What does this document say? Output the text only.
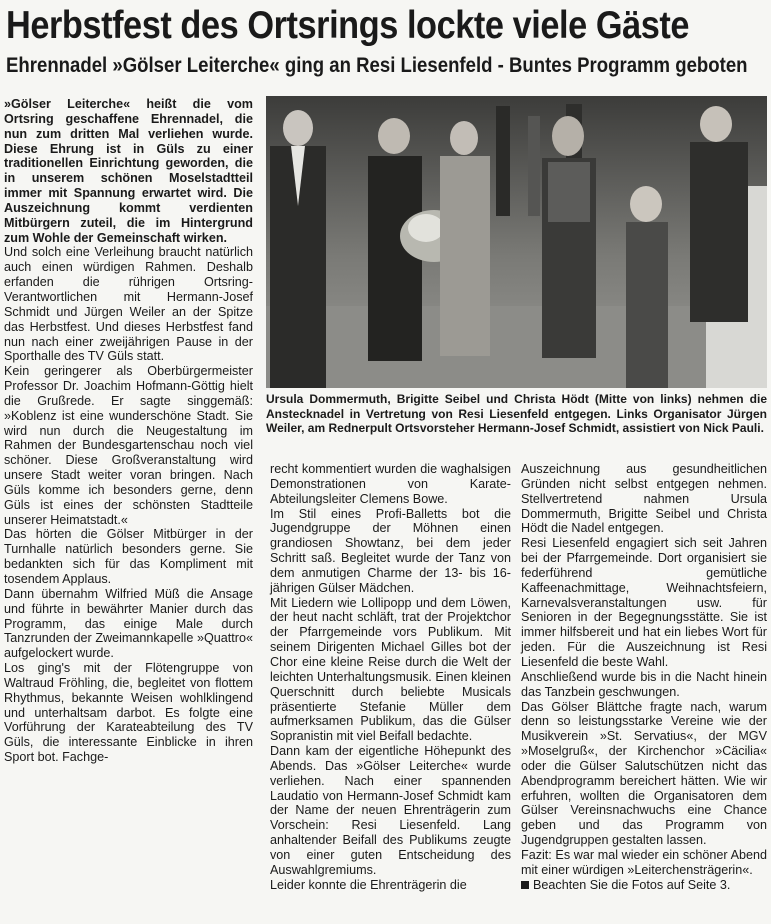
Herbstfest des Ortsrings lockte viele Gäste
Ehrennadel »Gölser Leiterche« ging an Resi Liesenfeld - Buntes Programm geboten

»Gölser Leiterche« heißt die vom Ortsring geschaffene Ehrennadel, die nun zum dritten Mal verliehen wurde. Diese Ehrung ist in Güls zu einer traditionellen Einrichtung geworden, die in unserem schönen Moselstadtteil immer mit Spannung erwartet wird. Die Auszeichnung kommt verdienten Mitbürgern zuteil, die im Hintergrund zum Wohle der Gemeinschaft wirken.

Und solch eine Verleihung braucht natürlich auch einen würdigen Rahmen. Deshalb erfanden die rührigen Ortsring-Verantwortlichen mit Hermann-Josef Schmidt und Jürgen Weiler an der Spitze das Herbstfest. Und dieses Herbstfest fand nun nach einer zweijährigen Pause in der Sporthalle des TV Güls statt.

Kein geringerer als Oberbürgermeister Professor Dr. Joachim Hofmann-Göttig hielt die Grußrede. Er sagte singgemäß: »Koblenz ist eine wunderschöne Stadt. Sie wird nun durch die Neugestaltung im Rahmen der Bundesgartenschau noch viel schöner. Diese Großveranstaltung wird unsere Stadt weiter voran bringen. Nach Güls komme ich besonders gerne, denn Güls ist eines der schönsten Stadtteile unserer Heimatstadt.«

Das hörten die Gölser Mitbürger in der Turnhalle natürlich besonders gerne. Sie bedankten sich für das Kompliment mit tosendem Applaus.

Dann übernahm Wilfried Müß die Ansage und führte in bewährter Manier durch das Programm, das einige Male durch Tanzrunden der Zweimannkapelle »Quattro« aufgelockert wurde.

Los ging's mit der Flötengruppe von Waltraud Fröhling, die, begleitet von flottem Rhythmus, bekannte Weisen wohlklingend und unterhaltsam darbot. Es folgte eine Vorführung der Karateabteilung des TV Güls, die interessante Einblicke in ihren Sport bot. Fachge-

Ursula Dommermuth, Brigitte Seibel und Christa Hödt (Mitte von links) nehmen die Anstecknadel in Vertretung von Resi Liesenfeld entgegen. Links Organisator Jürgen Weiler, am Rednerpult Ortsvorsteher Hermann-Josef Schmidt, assistiert von Nick Pauli.

recht kommentiert wurden die waghalsigen Demonstrationen von Karate-Abteilungsleiter Clemens Bowe.

Im Stil eines Profi-Balletts bot die Jugendgruppe der Möhnen einen grandiosen Showtanz, bei dem jeder Schritt saß. Begleitet wurde der Tanz von dem anmutigen Charme der 13- bis 16-jährigen Gülser Mädchen.

Mit Liedern wie Lollipopp und dem Löwen, der heut nacht schläft, trat der Projektchor der Pfarrgemeinde vors Publikum. Mit seinem Dirigenten Michael Gilles bot der Chor eine kleine Reise durch die Welt der leichten Unterhaltungsmusik. Einen kleinen Querschnitt durch beliebte Musicals präsentierte Stefanie Müller dem aufmerksamen Publikum, das die Gülser Sopranistin mit viel Beifall bedachte.

Dann kam der eigentliche Höhepunkt des Abends. Das »Gölser Leiterche« wurde verliehen. Nach einer spannenden Laudatio von Hermann-Josef Schmidt kam der Name der neuen Ehrenträgerin zum Vorschein: Resi Liesenfeld. Lang anhaltender Beifall des Publikums zeugte von einer guten Entscheidung des Auswahlgremiums.

Leider konnte die Ehrenträgerin die

Auszeichnung aus gesundheitlichen Gründen nicht selbst entgegen nehmen. Stellvertretend nahmen Ursula Dommermuth, Brigitte Seibel und Christa Hödt die Nadel entgegen.

Resi Liesenfeld engagiert sich seit Jahren bei der Pfarrgemeinde. Dort organisiert sie federführend gemütliche Kaffeenachmittage, Weihnachtsfeiern, Karnevalsveranstaltungen usw. für Senioren in der Begegnungsstätte. Sie ist immer hilfsbereit und hat ein liebes Wort für jeden. Für die Auszeichnung ist Resi Liesenfeld die beste Wahl.

Anschließend wurde bis in die Nacht hinein das Tanzbein geschwungen.

Das Gölser Blättche fragte nach, warum denn so leistungsstarke Vereine wie der Musikverein »St. Servatius«, der MGV »Moselgruß«, der Kirchenchor »Cäcilia« oder die Gülser Salutschützen nicht das Abendprogramm bereichert hätten. Wie wir erfuhren, wollten die Organisatoren dem Gülser Vereinsnachwuchs eine Chance geben und das Programm von Jugendgruppen gestalten lassen.

Fazit: Es war mal wieder ein schöner Abend mit einer würdigen »Leiterchensträgerin«.

Beachten Sie die Fotos auf Seite 3.
